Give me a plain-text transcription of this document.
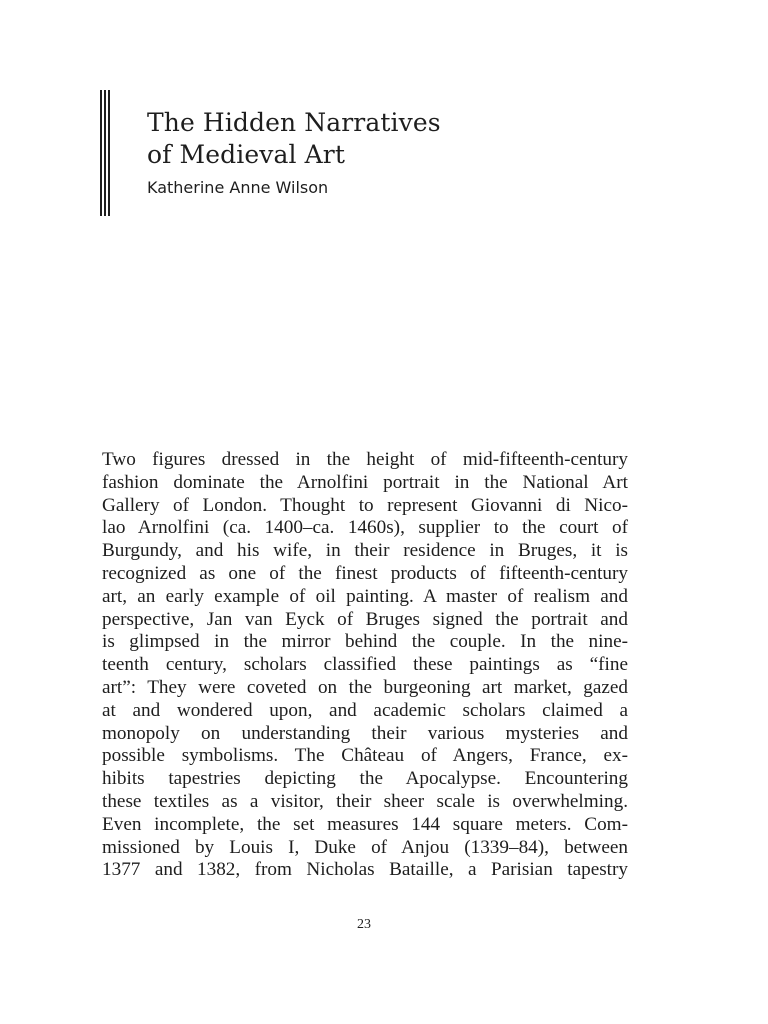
The Hidden Narratives
of Medieval Art

Katherine Anne Wilson

Two figures dressed in the height of mid-fifteenth-century
fashion dominate the Arnolfini portrait in the National Art
Gallery of London. Thought to represent Giovanni di Nico-
lao Arnolfini (ca. 1400–ca. 1460s), supplier to the court of
Burgundy, and his wife, in their residence in Bruges, it is
recognized as one of the finest products of fifteenth-century
art, an early example of oil painting. A master of realism and
perspective, Jan van Eyck of Bruges signed the portrait and
is glimpsed in the mirror behind the couple. In the nine-
teenth century, scholars classified these paintings as “fine
art”: They were coveted on the burgeoning art market, gazed
at and wondered upon, and academic scholars claimed a
monopoly on understanding their various mysteries and
possible symbolisms. The Château of Angers, France, ex-
hibits tapestries depicting the Apocalypse. Encountering
these textiles as a visitor, their sheer scale is overwhelming.
Even incomplete, the set measures 144 square meters. Com-
missioned by Louis I, Duke of Anjou (1339–84), between
1377 and 1382, from Nicholas Bataille, a Parisian tapestry
23
